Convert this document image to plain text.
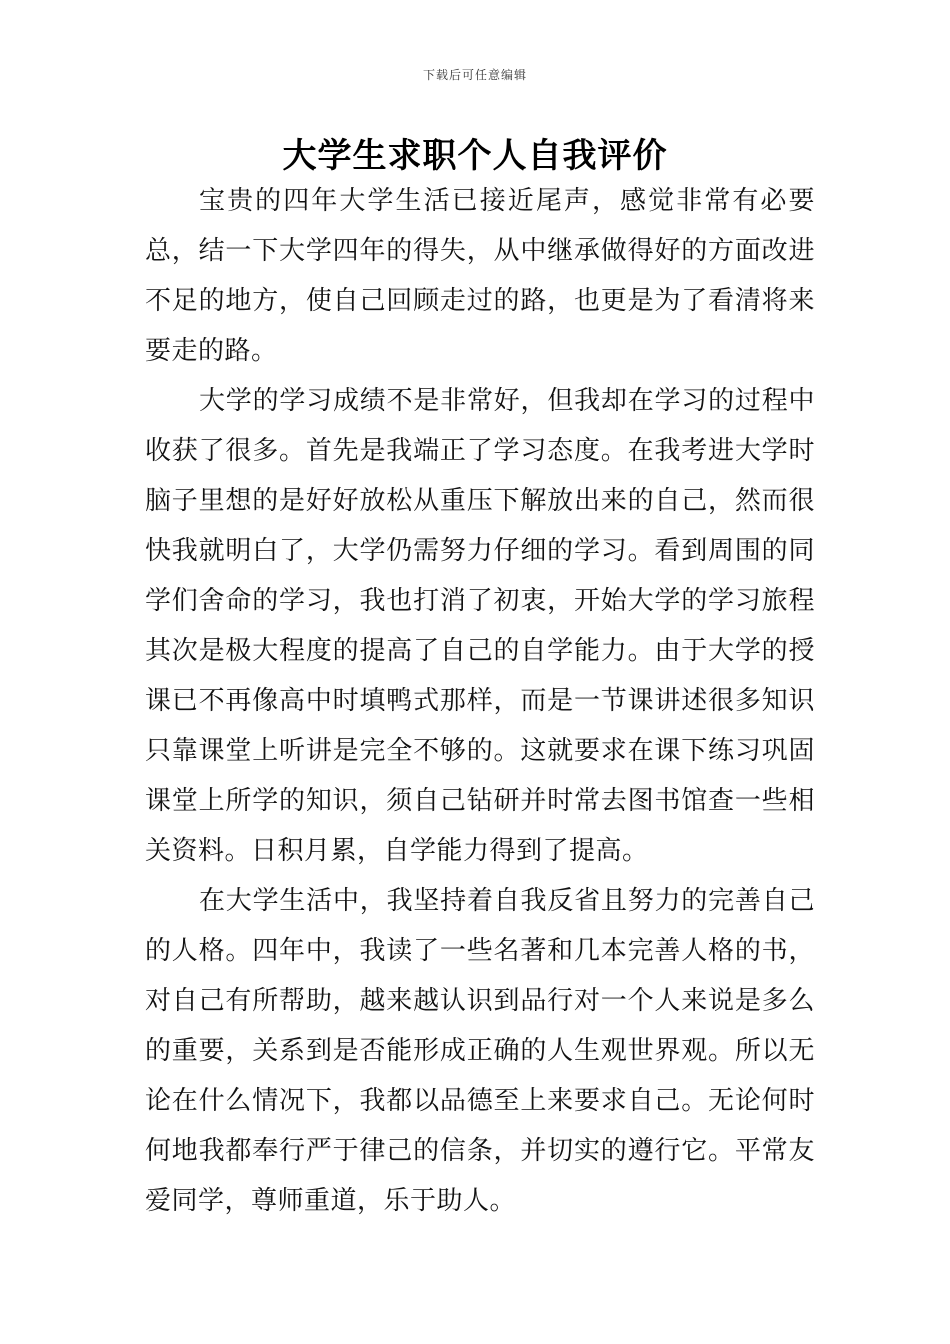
下载后可任意编辑
大学生求职个人自我评价

宝贵的四年大学生活已接近尾声，感觉非常有必要总，结一下大学四年的得失，从中继承做得好的方面改进不足的地方，使自己回顾走过的路，也更是为了看清将来要走的路。

大学的学习成绩不是非常好，但我却在学习的过程中收获了很多。首先是我端正了学习态度。在我考进大学时脑子里想的是好好放松从重压下解放出来的自己，然而很快我就明白了，大学仍需努力仔细的学习。看到周围的同学们舍命的学习，我也打消了初衷，开始大学的学习旅程其次是极大程度的提高了自己的自学能力。由于大学的授课已不再像高中时填鸭式那样，而是一节课讲述很多知识只靠课堂上听讲是完全不够的。这就要求在课下练习巩固课堂上所学的知识，须自己钻研并时常去图书馆查一些相关资料。日积月累，自学能力得到了提高。

在大学生活中，我坚持着自我反省且努力的完善自己的人格。四年中，我读了一些名著和几本完善人格的书，对自己有所帮助，越来越认识到品行对一个人来说是多么的重要，关系到是否能形成正确的人生观世界观。所以无论在什么情况下，我都以品德至上来要求自己。无论何时何地我都奉行严于律己的信条，并切实的遵行它。平常友爱同学，尊师重道，乐于助人。
